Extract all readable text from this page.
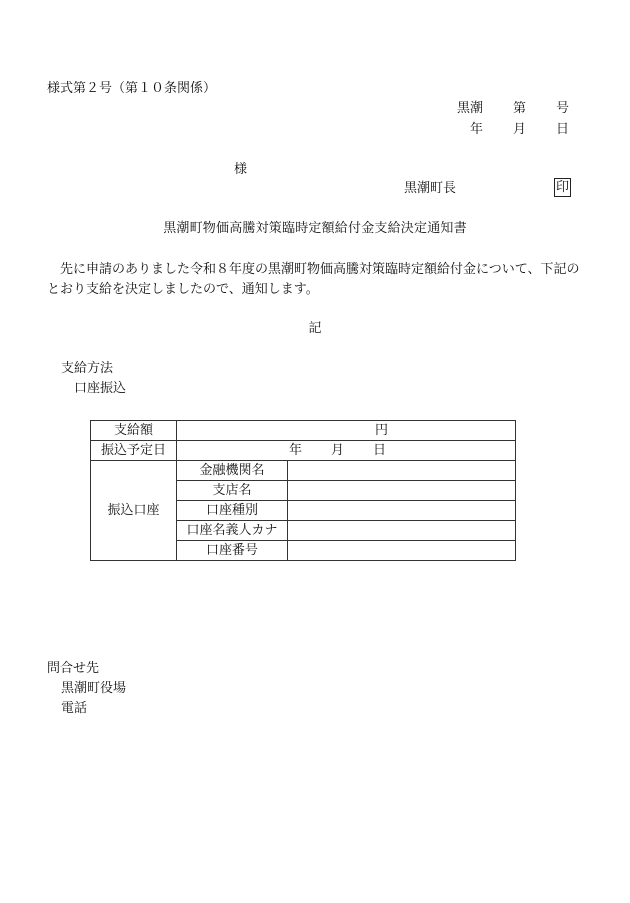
様式第２号（第１０条関係）
黒潮 第 号
年 月 日
様
黒潮町長	印
黒潮町物価高騰対策臨時定額給付金支給決定通知書
先に申請のありました令和８年度の黒潮町物価高騰対策臨時定額給付金について、下記のとおり支給を決定しましたので、通知します。
記
支給方法
口座振込
支給額	円	
振込予定日	年 月 日	
振込口座	金融機関名	
	支店名	
	口座種別	
	口座名義人カナ	
	口座番号	
問合せ先
黒潮町役場
電話
